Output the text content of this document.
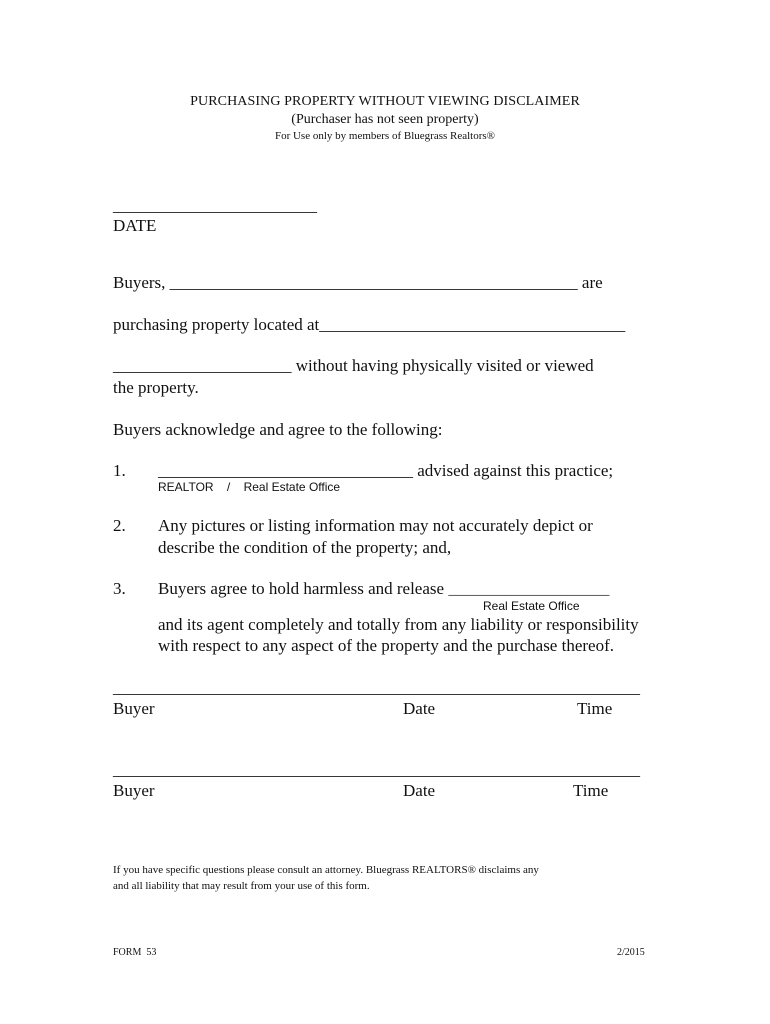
PURCHASING PROPERTY WITHOUT VIEWING DISCLAIMER
(Purchaser has not seen property)
For Use only by members of Bluegrass Realtors®
________________________
DATE
Buyers, ________________________________________________ are
purchasing property located at____________________________________
_____________________ without having physically visited or viewed
the property.
Buyers acknowledge and agree to the following:
1. ______________________________ advised against this practice;
REALTOR    /    Real Estate Office
2. Any pictures or listing information may not accurately depict or
describe the condition of the property; and,
3. Buyers agree to hold harmless and release _______________________
Real Estate Office
and its agent completely and totally from any liability or responsibility
with respect to any aspect of the property and the purchase thereof.
______________________________________________________________
Buyer	Date	Time
______________________________________________________________
Buyer	Date	Time
If you have specific questions please consult an attorney. Bluegrass REALTORS® disclaims any
and all liability that may result from your use of this form.
FORM  53	2/2015
